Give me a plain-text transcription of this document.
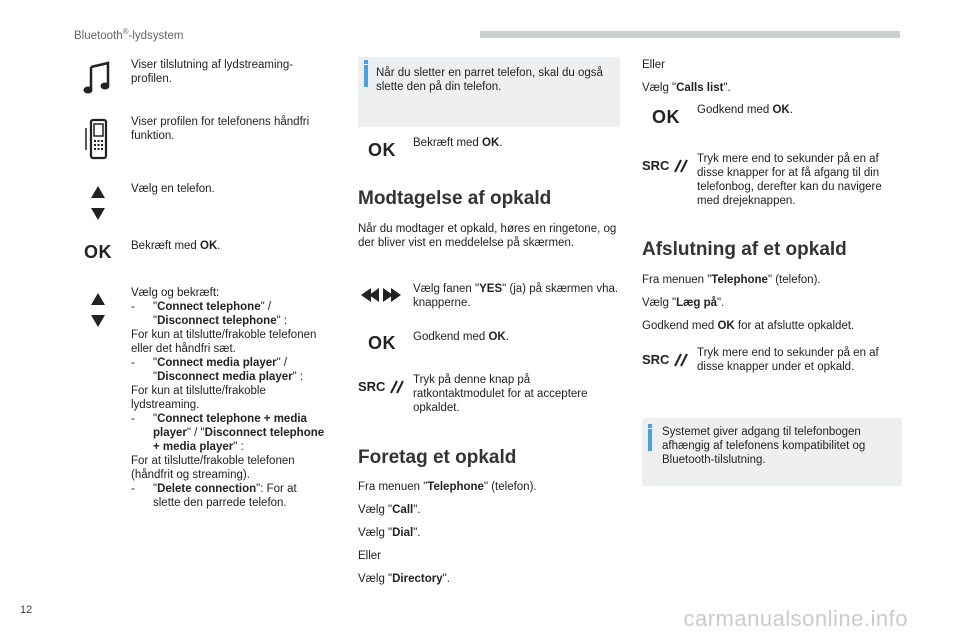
Bluetooth®-lydsystem

Viser tilslutning af lydstreaming-profilen.

Viser profilen for telefonens håndfri funktion.

Vælg en telefon.

OK Bekræft med OK.

Vælg og bekræft:
- "Connect telephone" / "Disconnect telephone" :
For kun at tilslutte/frakoble telefonen eller det håndfri sæt.
- "Connect media player" / "Disconnect media player" :
For kun at tilslutte/frakoble lydstreaming.
- "Connect telephone + media player" / "Disconnect telephone + media player" :
For at tilslutte/frakoble telefonen (håndfrit og streaming).
- "Delete connection": For at slette den parrede telefon.

Når du sletter en parret telefon, skal du også slette den på din telefon.

OK Bekræft med OK.

Modtagelse af opkald

Når du modtager et opkald, høres en ringetone, og der bliver vist en meddelelse på skærmen.

Vælg fanen "YES" (ja) på skærmen vha. knapperne.

OK Godkend med OK.

SRC	Tryk på denne knap på ratkontaktmodulet for at acceptere opkaldet.

Foretag et opkald

Fra menuen "Telephone" (telefon).

Vælg "Call".

Vælg "Dial".

Eller

Vælg "Directory".

Eller

Vælg "Calls list".

OK Godkend med OK.

SRC	Tryk mere end to sekunder på en af disse knapper for at få afgang til din telefonbog, derefter kan du navigere med drejeknappen.

Afslutning af et opkald

Fra menuen "Telephone" (telefon).

Vælg "Læg på".

Godkend med OK for at afslutte opkaldet.

SRC	Tryk mere end to sekunder på en af disse knapper under et opkald.

Systemet giver adgang til telefonbogen afhængig af telefonens kompatibilitet og Bluetooth-tilslutning.

12	carmanualsonline.info
